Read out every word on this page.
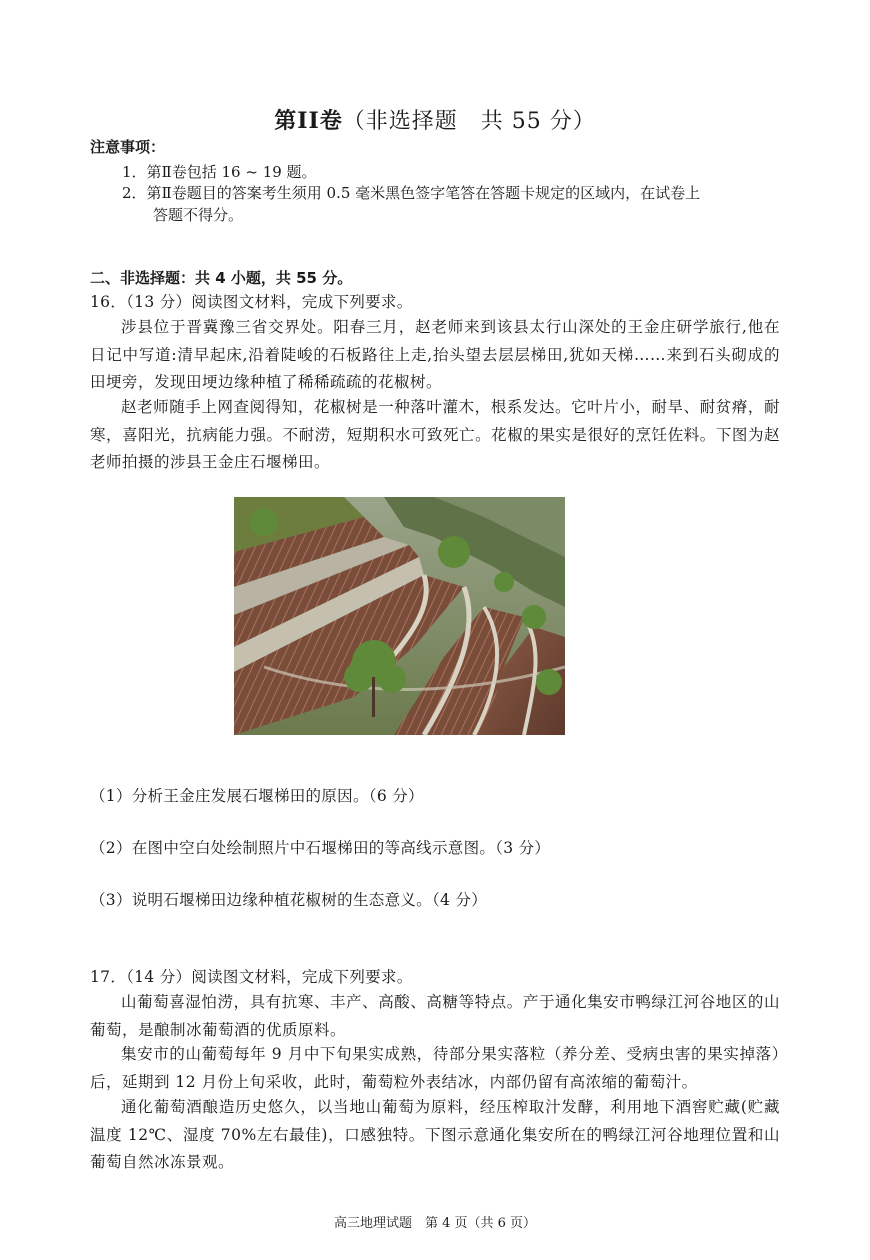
第II卷（非选择题　共 55 分）
注意事项：
1．第Ⅱ卷包括 16 ~ 19 题。
2．第Ⅱ卷题目的答案考生须用 0.5 毫米黑色签字笔答在答题卡规定的区域内，在试卷上
答题不得分。
二、非选择题：共 4 小题，共 55 分。
16．（13 分）阅读图文材料，完成下列要求。
涉县位于晋冀豫三省交界处。阳春三月，赵老师来到该县太行山深处的王金庄研学旅行,他在日记中写道:清早起床,沿着陡峻的石板路往上走,抬头望去层层梯田,犹如天梯……来到石头砌成的田埂旁，发现田埂边缘种植了稀稀疏疏的花椒树。
赵老师随手上网查阅得知，花椒树是一种落叶灌木，根系发达。它叶片小，耐旱、耐贫瘠，耐寒，喜阳光，抗病能力强。不耐涝，短期积水可致死亡。花椒的果实是很好的烹饪佐料。下图为赵老师拍摄的涉县王金庄石堰梯田。
（1）分析王金庄发展石堰梯田的原因。（6 分）
（2）在图中空白处绘制照片中石堰梯田的等高线示意图。（3 分）
（3）说明石堰梯田边缘种植花椒树的生态意义。（4 分）
17．（14 分）阅读图文材料，完成下列要求。
山葡萄喜湿怕涝，具有抗寒、丰产、高酸、高糖等特点。产于通化集安市鸭绿江河谷地区的山葡萄，是酿制冰葡萄酒的优质原料。
集安市的山葡萄每年 9 月中下旬果实成熟，待部分果实落粒（养分差、受病虫害的果实掉落）后，延期到 12 月份上旬采收，此时，葡萄粒外表结冰，内部仍留有高浓缩的葡萄汁。
通化葡萄酒酿造历史悠久，以当地山葡萄为原料，经压榨取汁发酵，利用地下酒窖贮藏(贮藏温度 12℃、湿度 70%左右最佳)，口感独特。下图示意通化集安所在的鸭绿江河谷地理位置和山葡萄自然冰冻景观。
高三地理试题　第 4 页（共 6 页）
